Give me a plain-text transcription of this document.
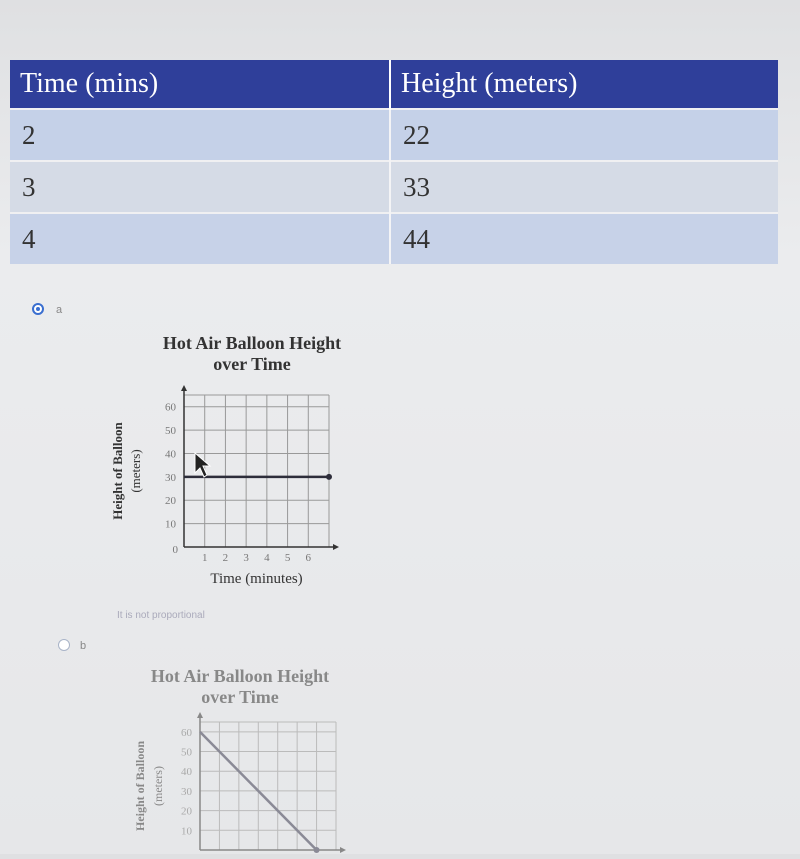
Time (mins)	Height (meters)
2	22
3	33
4	44
a
Hot Air Balloon Height
over Time
10
20
30
40
50
60
0
1 2 3 4 5 6
Time (minutes)
Height of Balloon (meters)
It is not proportional
b
Hot Air Balloon Height
over Time
10
20
30
40
50
60
Height of Balloon (meters)
